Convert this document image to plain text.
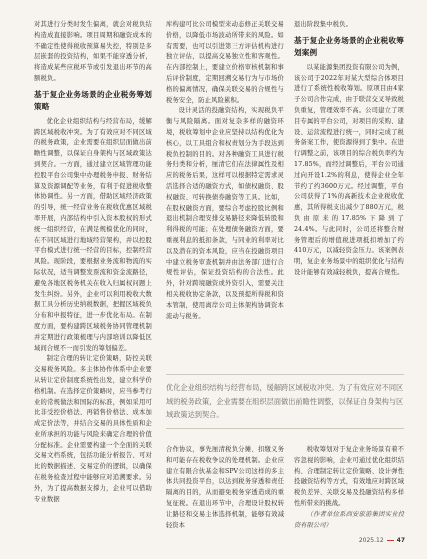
对其进行分类时发生偏离，就会对税负结构造成直接影响。项目周期和融资成本的不确定性使得税收预算易失控，特别是多层嵌套的投资结构，如果不能穿透分析，将造成某些应税环节或引发退出环节的高额税负。

基于复企业务场景的企业税务筹划策略

优化企业组织结构与经营布局，缓解跨区域税收冲突。为了有效应对不同区域的税务政策，企业需要在组织层面做出前瞻性调整，以保证自身架构与区域政策达到契合。一方面，通过建立区域管理功能控股平台公司集中办理税务申报、财务结算及资源调配等业务，有利于促进税收整体协调性。另一方面，借助区域经济政策的引导，统一经营业务在税收优惠区域税率开展，内部结构中引入资本股权的形式统一组织经营，在满足规模优化的同时，在不同区域进行地域经营架构，并以控股平台模式进行统一经营的目标，控制经营风险。现阶段，要根据业务流和物流的实际状况，适当调整发票流和资金流路径，避免各地区税务机关在收入归属权问题上发生纠纷。另外，企业可以利用税收大数据工具分析历史纳税数据，把握区域税负分布和申报特征，进一步优化布局。在制度方面，要构建跨区域税务协同管理机制并定期进行政策梳理与内部培训以降低区域间合规不一而引发的筹划偏差。

制定合理的转让定价策略，防控关联交易税务风险。多主体协作体系中企业要从转让定价制度系统性出发，建立科学价格机制。在选择定价策略时，应当参考行业的常规做法和国际的标准，例如采用可比非受控价格法、再销售价格法、成本加成定价法等，并结合交易的具体性质和企业所承担的功能与风险来确定合理的价值分配标准。企业需要构建一个全面的关联交易文档系统，包括功能分析报告、可对比的数据描述、交易定价的逻辑，以确保在税务检查过程中能够应对追溯要求。另外，为了提高数据支撑力，企业可以借助专业数据

库构建可比公司模型来动态修正关联交易价格，以降低市场波动所带来的风险。如有需要，也可以引进第三方评估机构进行独立评估，以提高交易独立性和客观性。在内部控制上，要建立价格审核机制和事后评价制度，定期回溯交易行为与市场价格的偏离情况，确保关联交易的合规性与税务安全，防止风险累积。

设计灵活的投融资结构，实现税负平衡与风险隔离。面对复杂多样的融资环境，税收筹划中企业应坚持以结构优化为核心，以工具组合和权责划分为手段达到税负控制的目的。对各种融资工具进行税务归类和分析，厘清它们在法律属性及相应的税务后果，这样可以根据特定需求灵活选择合适的融资方式，如债权融资、股权融资、可转换债券融资等工具。比如，在股权融资方面，要综合考虑控股比例和退出机制合理安排交易路径来降低转股和利得税的可能；在处理债务融资方面，要重视利息的抵扣条款，与同业的利率对比以及潜在的资本风险，应当在投融资项目中建立税务审查机制并由法务部门进行合规性评估，保证投资结构的合法性。此外，针对跨境融资或外资引入，需要关注相关税收协定条款，以及预提所得税和资本管制，使用离岸公司主体架构协调资本流动与税务。

优化企业组织结构与经营布局，缓解跨区域税收冲突。为了有效应对不同区域的税务政策，企业需要在组织层面做出前瞻性调整，以保证自身架构与区域政策达到契合。

合作协议，事先厘清税负分摊、扣缴义务和可能存在税收争议的处理机制。企业应建立有限合伙基金和SPV公司这样的多主体共同投资平台，以达到税务穿透和责任隔离的目的，从而避免税务穿透造成的重复征税。在退出环节中，合理设计股权转让路径和交易主体选择机制，能够有效减轻资本

退出阶段集中税负。

基于复企业务场景的企业税收筹划案例

以某能源集团投资有限公司为例，该公司于2022年对某大型综合体项目进行了系统性税收筹划。原项目由4家子公司合作完成，由于联营交叉导致税负重复，管理效率不高。公司建立了项目专属的平台公司，对项目的采购、建设、运营流程进行统一，同时完成了税务备案工作，使资源得到了集中。在进行调整之前，该项目的综合税负率约为17.85%，而经过调整后，平台公司通过向开设1.2%的利息，使得企业全年节约了约3600万元。经过调整，平台公司获得了1%的高新技术企业税收优惠，其所得税支出减少了880万元，税负由原来的17.85%下降到了24.4%。与此同时，公司还将整合财务管理后的增值税进项抵扣增加了约410万元，以减轻资金压力。该案例表明，复企业务场景中的组织优化与结构设计能够有效减轻税负，提高合规性。

税收筹划对于复企业务场景有着不容忽视的影响，企业可通过优化组织结构、合理制定转让定价策略、设计弹性投融资结构等方式，有效地应对跨区域税负差异、关联交易及投融资结构多样性所带来的挑战。

（作者单位系西安旅游集团实业投资有限公司）

2025.12 47
